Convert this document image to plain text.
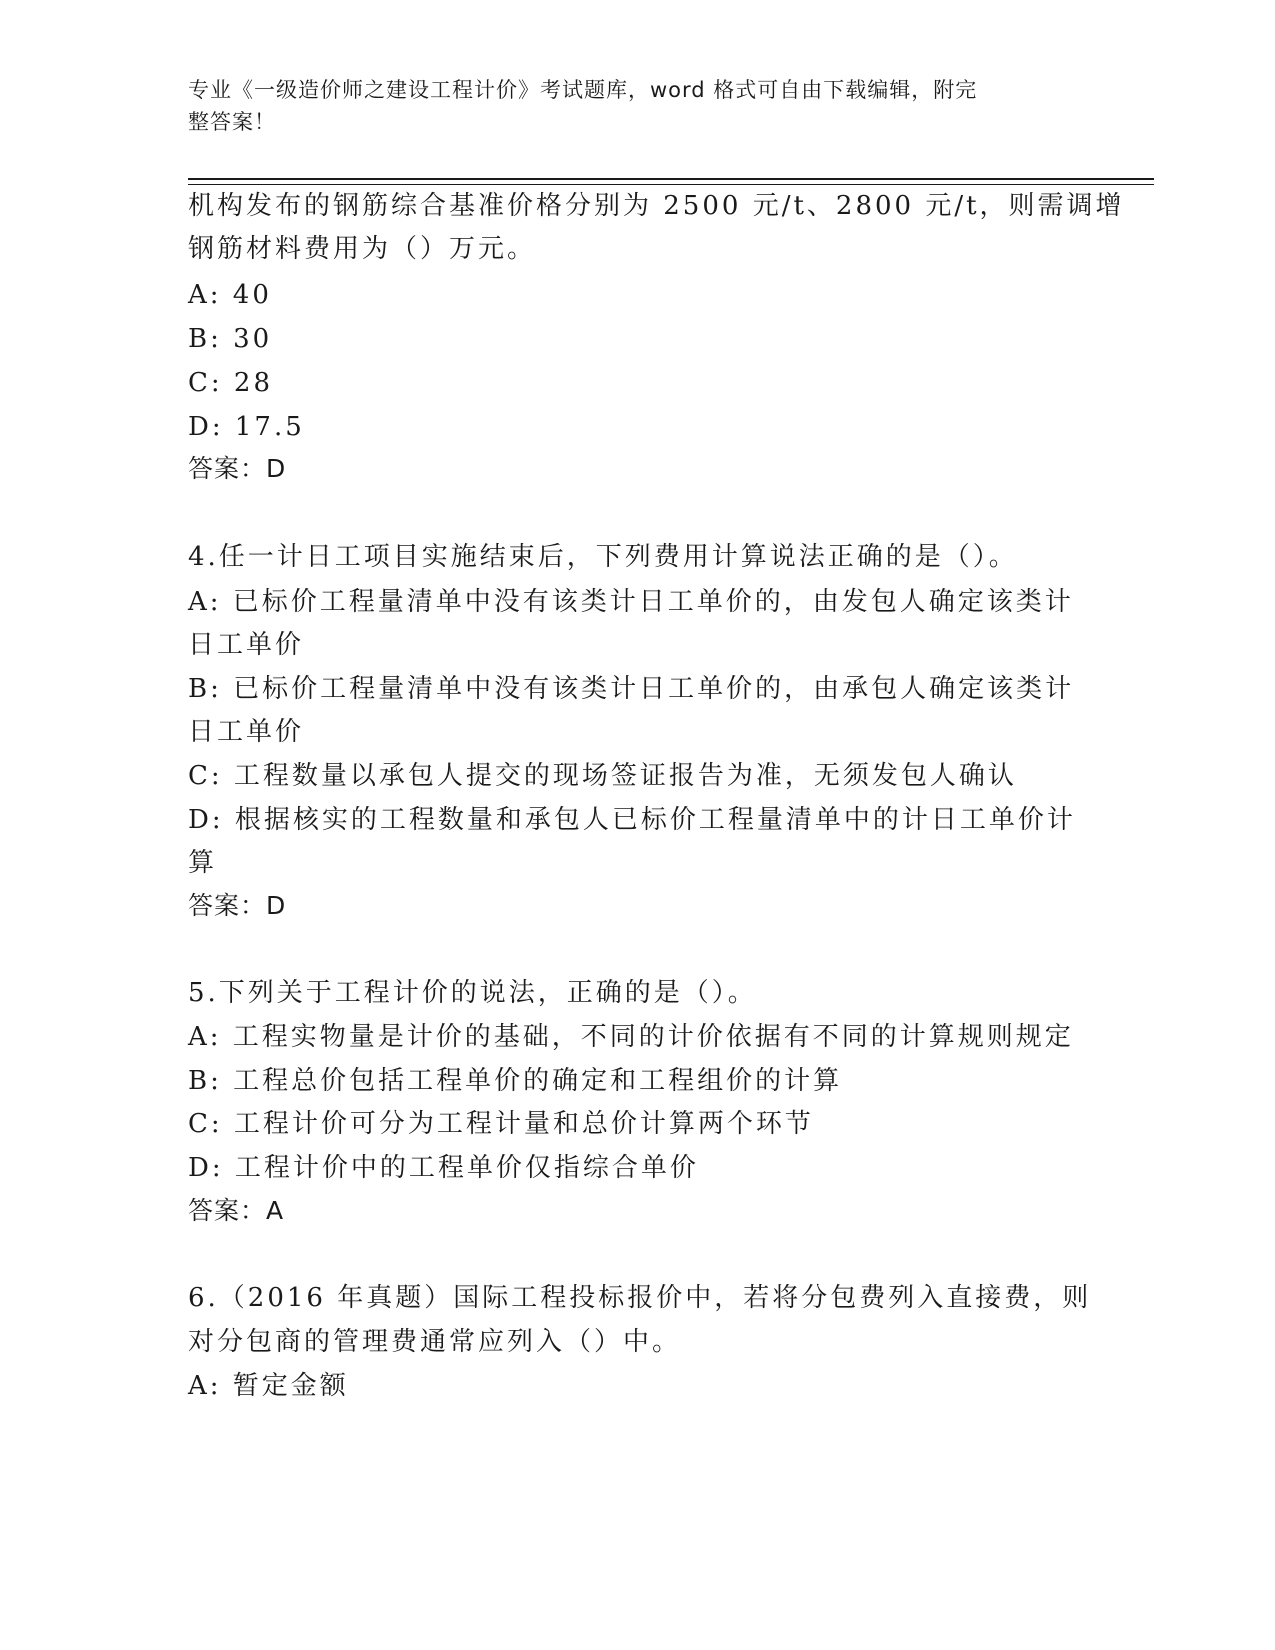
专业《一级造价师之建设工程计价》考试题库，word 格式可自由下载编辑，附完
整答案！
机构发布的钢筋综合基准价格分别为 2500 元/t、2800 元/t，则需调增
钢筋材料费用为（）万元。
A: 40
B: 30
C: 28
D: 17.5
答案：D
4.任一计日工项目实施结束后，下列费用计算说法正确的是（）。
A: 已标价工程量清单中没有该类计日工单价的，由发包人确定该类计
日工单价
B: 已标价工程量清单中没有该类计日工单价的，由承包人确定该类计
日工单价
C: 工程数量以承包人提交的现场签证报告为准，无须发包人确认
D: 根据核实的工程数量和承包人已标价工程量清单中的计日工单价计
算
答案：D
5.下列关于工程计价的说法，正确的是（）。
A: 工程实物量是计价的基础，不同的计价依据有不同的计算规则规定
B: 工程总价包括工程单价的确定和工程组价的计算
C: 工程计价可分为工程计量和总价计算两个环节
D: 工程计价中的工程单价仅指综合单价
答案：A
6.（2016 年真题）国际工程投标报价中，若将分包费列入直接费，则
对分包商的管理费通常应列入（）中。
A: 暂定金额
